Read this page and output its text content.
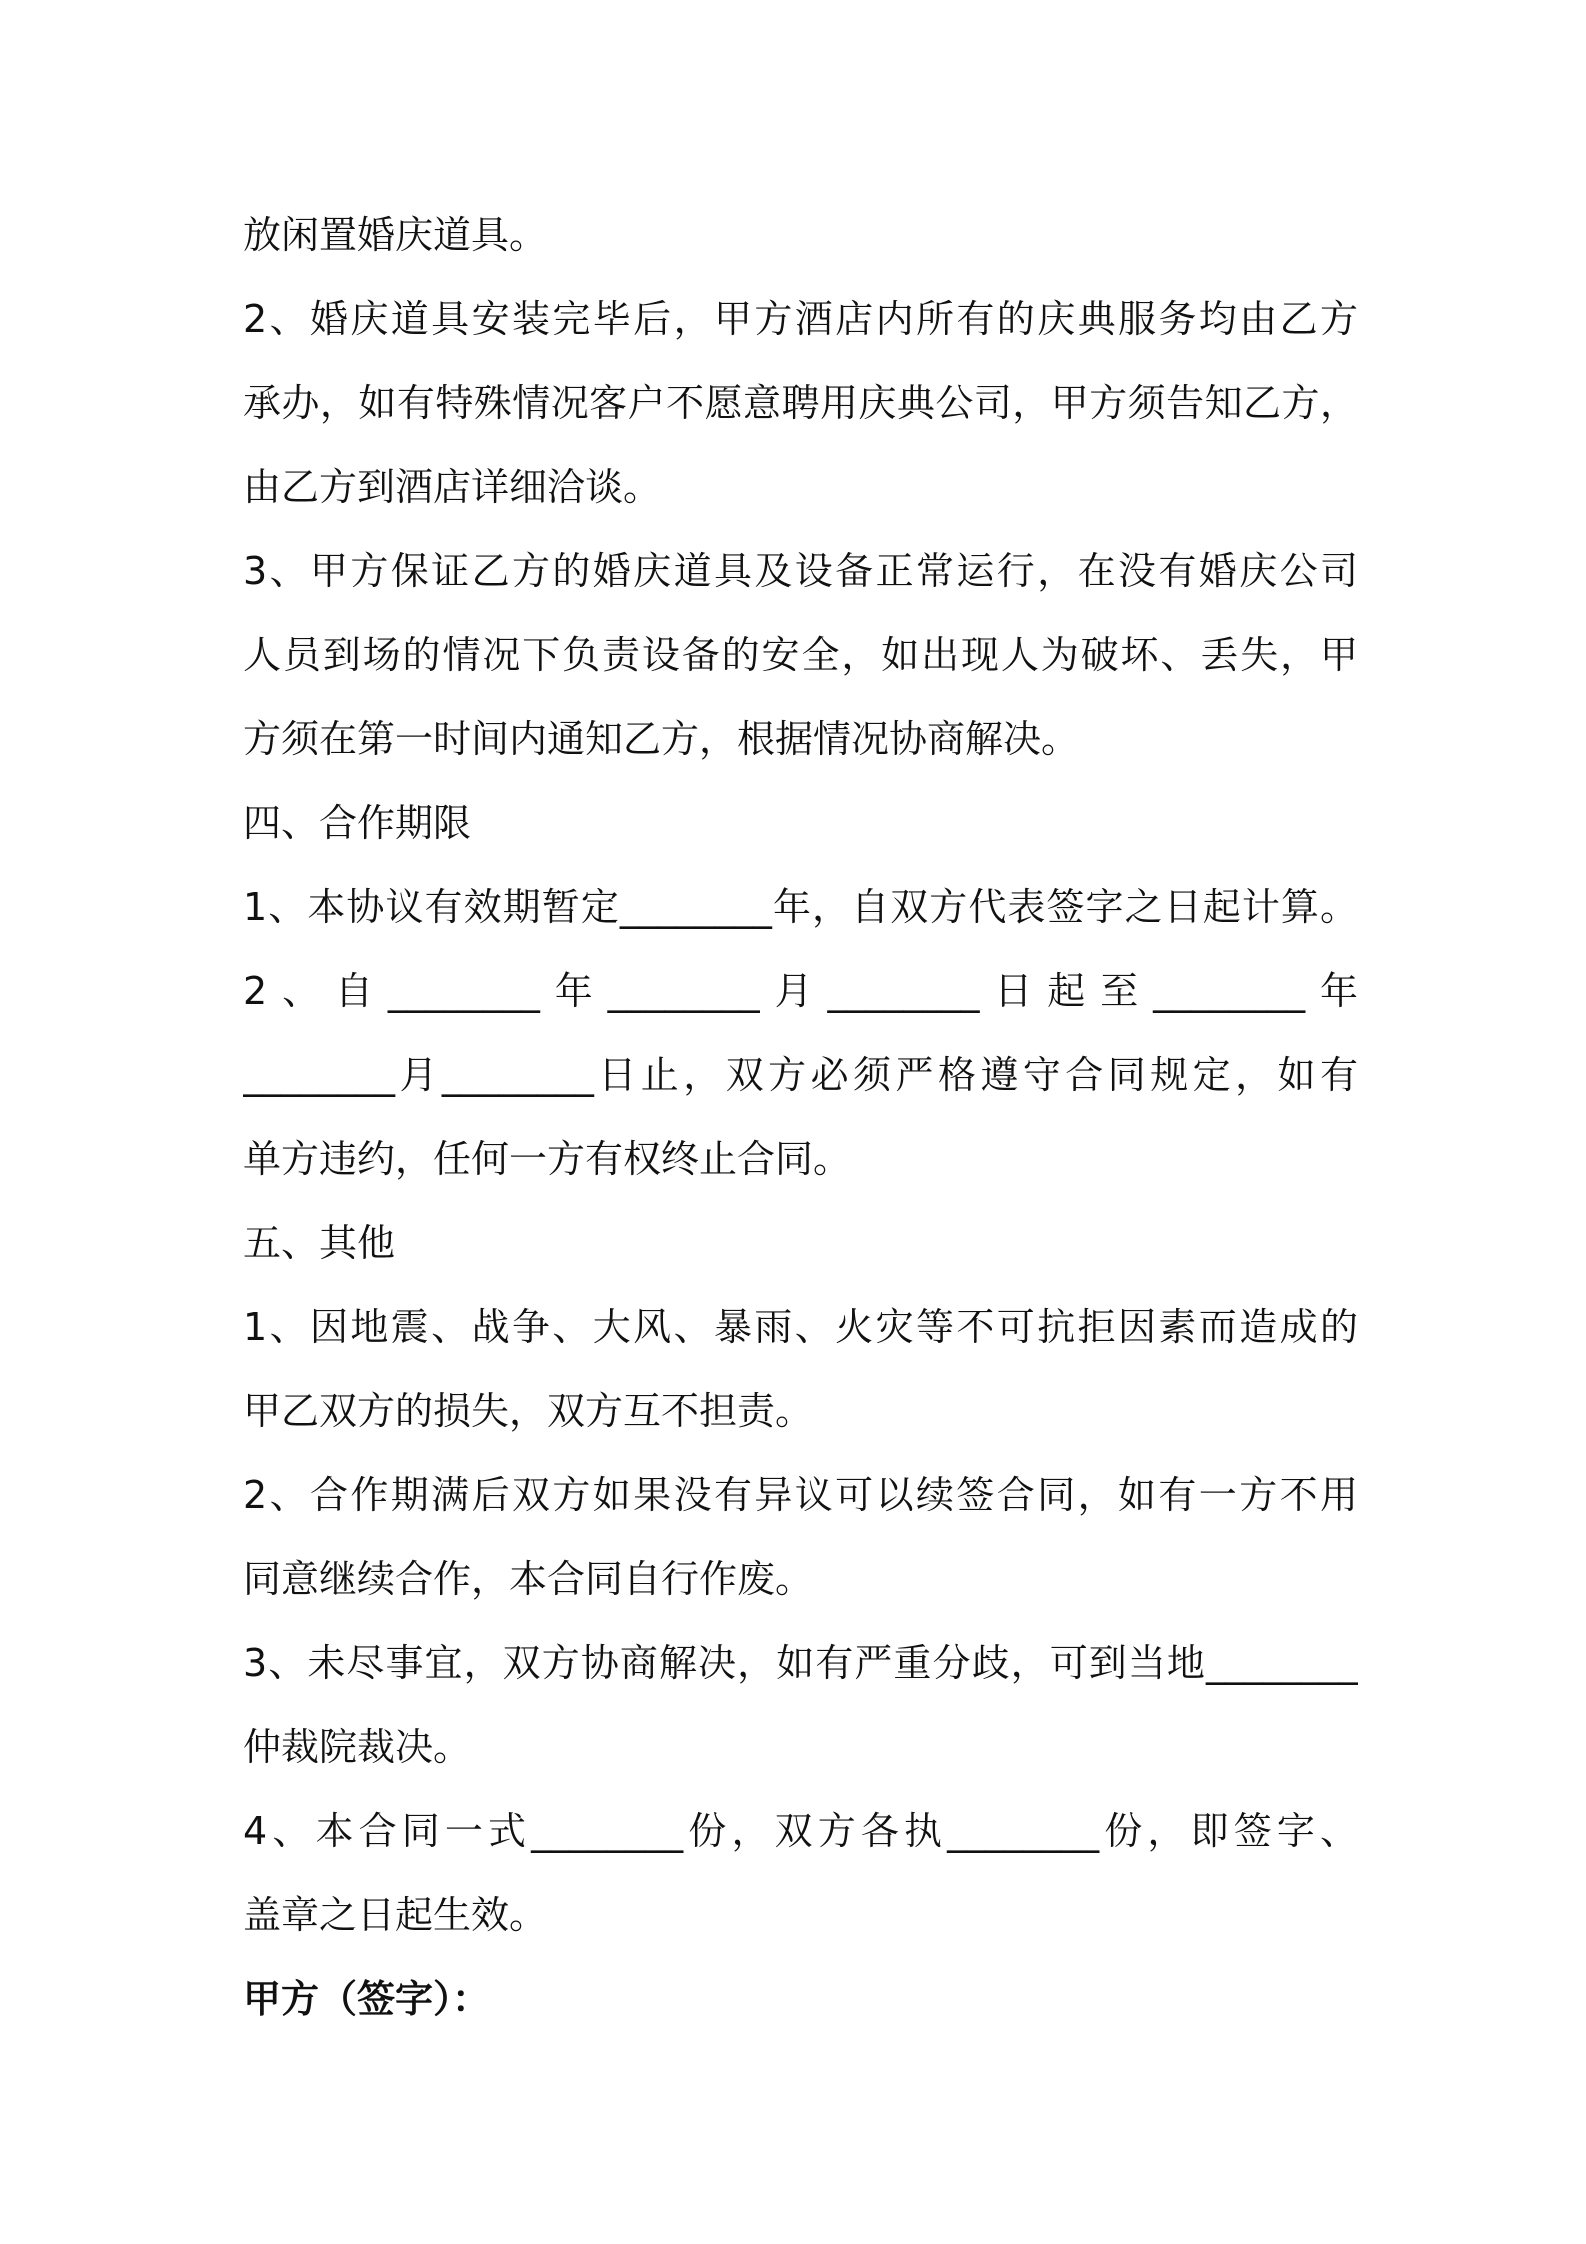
放闲置婚庆道具。
2、婚庆道具安装完毕后，甲方酒店内所有的庆典服务均由乙方
承办，如有特殊情况客户不愿意聘用庆典公司，甲方须告知乙方，
由乙方到酒店详细洽谈。
3、甲方保证乙方的婚庆道具及设备正常运行，在没有婚庆公司
人员到场的情况下负责设备的安全，如出现人为破坏、丢失，甲
方须在第一时间内通知乙方，根据情况协商解决。
四、合作期限
1、本协议有效期暂定________年，自双方代表签字之日起计算。
2、自________年________月________日起至________年
________月________日止，双方必须严格遵守合同规定，如有
单方违约，任何一方有权终止合同。
五、其他
1、因地震、战争、大风、暴雨、火灾等不可抗拒因素而造成的
甲乙双方的损失，双方互不担责。
2、合作期满后双方如果没有异议可以续签合同，如有一方不用
同意继续合作，本合同自行作废。
3、未尽事宜，双方协商解决，如有严重分歧，可到当地________
仲裁院裁决。
4、本合同一式________份，双方各执________份，即签字、
盖章之日起生效。
甲方（签字）：
